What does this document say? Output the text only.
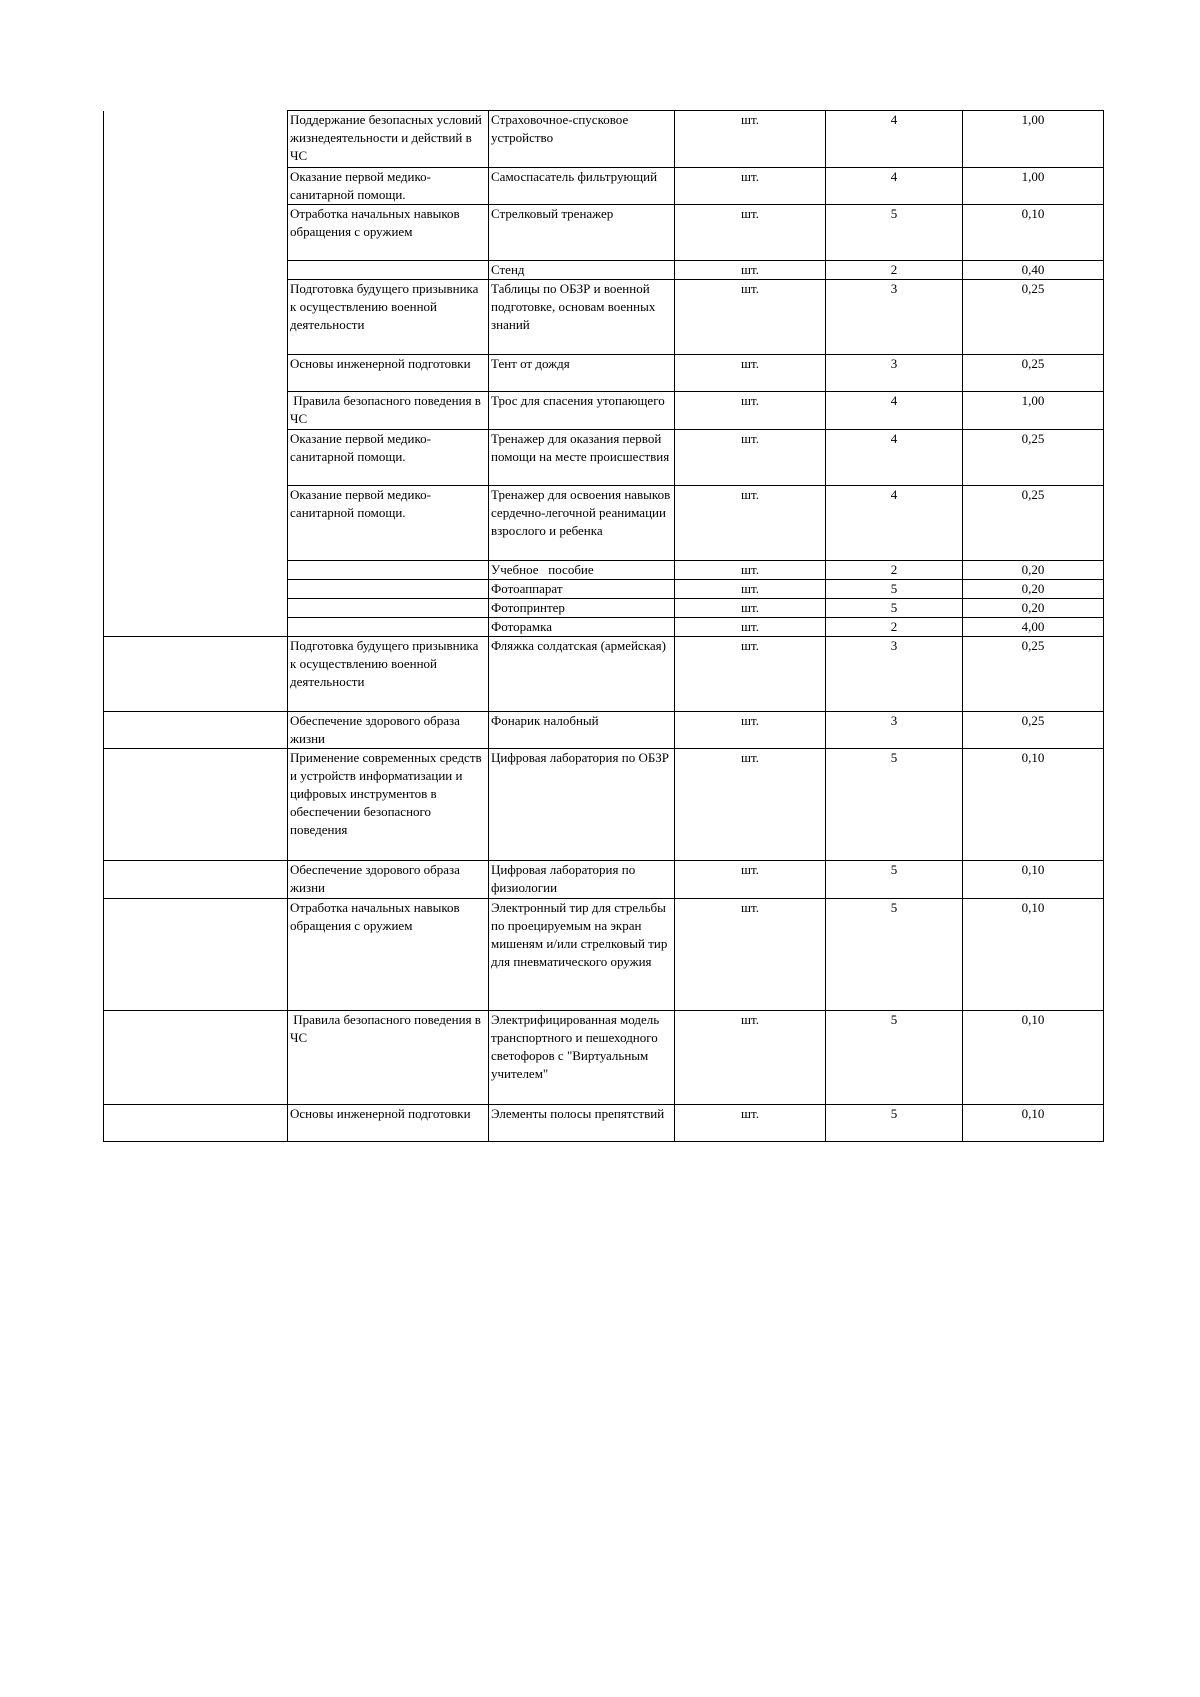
	Поддержание безопасных условий жизнедеятельности и действий в ЧС	Страховочное-спусковое устройство	шт.	4	1,00
	Оказание первой медико-санитарной помощи.	Самоспасатель фильтрующий	шт.	4	1,00
	Отработка начальных навыков обращения с оружием	Стрелковый тренажер	шт.	5	0,10
		Стенд	шт.	2	0,40
	Подготовка будущего призывника к осуществлению военной деятельности	Таблицы по ОБЗР и военной подготовке, основам военных знаний	шт.	3	0,25
	Основы инженерной подготовки	Тент от дождя	шт.	3	0,25
	Правила безопасного поведения в ЧС	Трос для спасения утопающего	шт.	4	1,00
	Оказание первой медико-санитарной помощи.	Тренажер для оказания первой помощи на месте происшествия	шт.	4	0,25
	Оказание первой медико-санитарной помощи.	Тренажер для освоения навыков сердечно-легочной реанимации взрослого и ребенка	шт.	4	0,25
		Учебное   пособие	шт.	2	0,20
		Фотоаппарат	шт.	5	0,20
		Фотопринтер	шт.	5	0,20
		Фоторамка	шт.	2	4,00
	Подготовка будущего призывника к осуществлению военной деятельности	Фляжка солдатская (армейская)	шт.	3	0,25
	Обеспечение здорового образа жизни	Фонарик налобный	шт.	3	0,25
	Применение современных средств и устройств информатизации и цифровых инструментов в обеспечении безопасного поведения	Цифровая лаборатория по ОБЗР	шт.	5	0,10
	Обеспечение здорового образа жизни	Цифровая лаборатория по физиологии	шт.	5	0,10
	Отработка начальных навыков обращения с оружием	Электронный тир для стрельбы по проецируемым на экран мишеням и/или стрелковый тир для пневматического оружия	шт.	5	0,10
	Правила безопасного поведения в ЧС	Электрифицированная модель транспортного и пешеходного светофоров с "Виртуальным учителем"	шт.	5	0,10
	Основы инженерной подготовки	Элементы полосы препятствий	шт.	5	0,10
